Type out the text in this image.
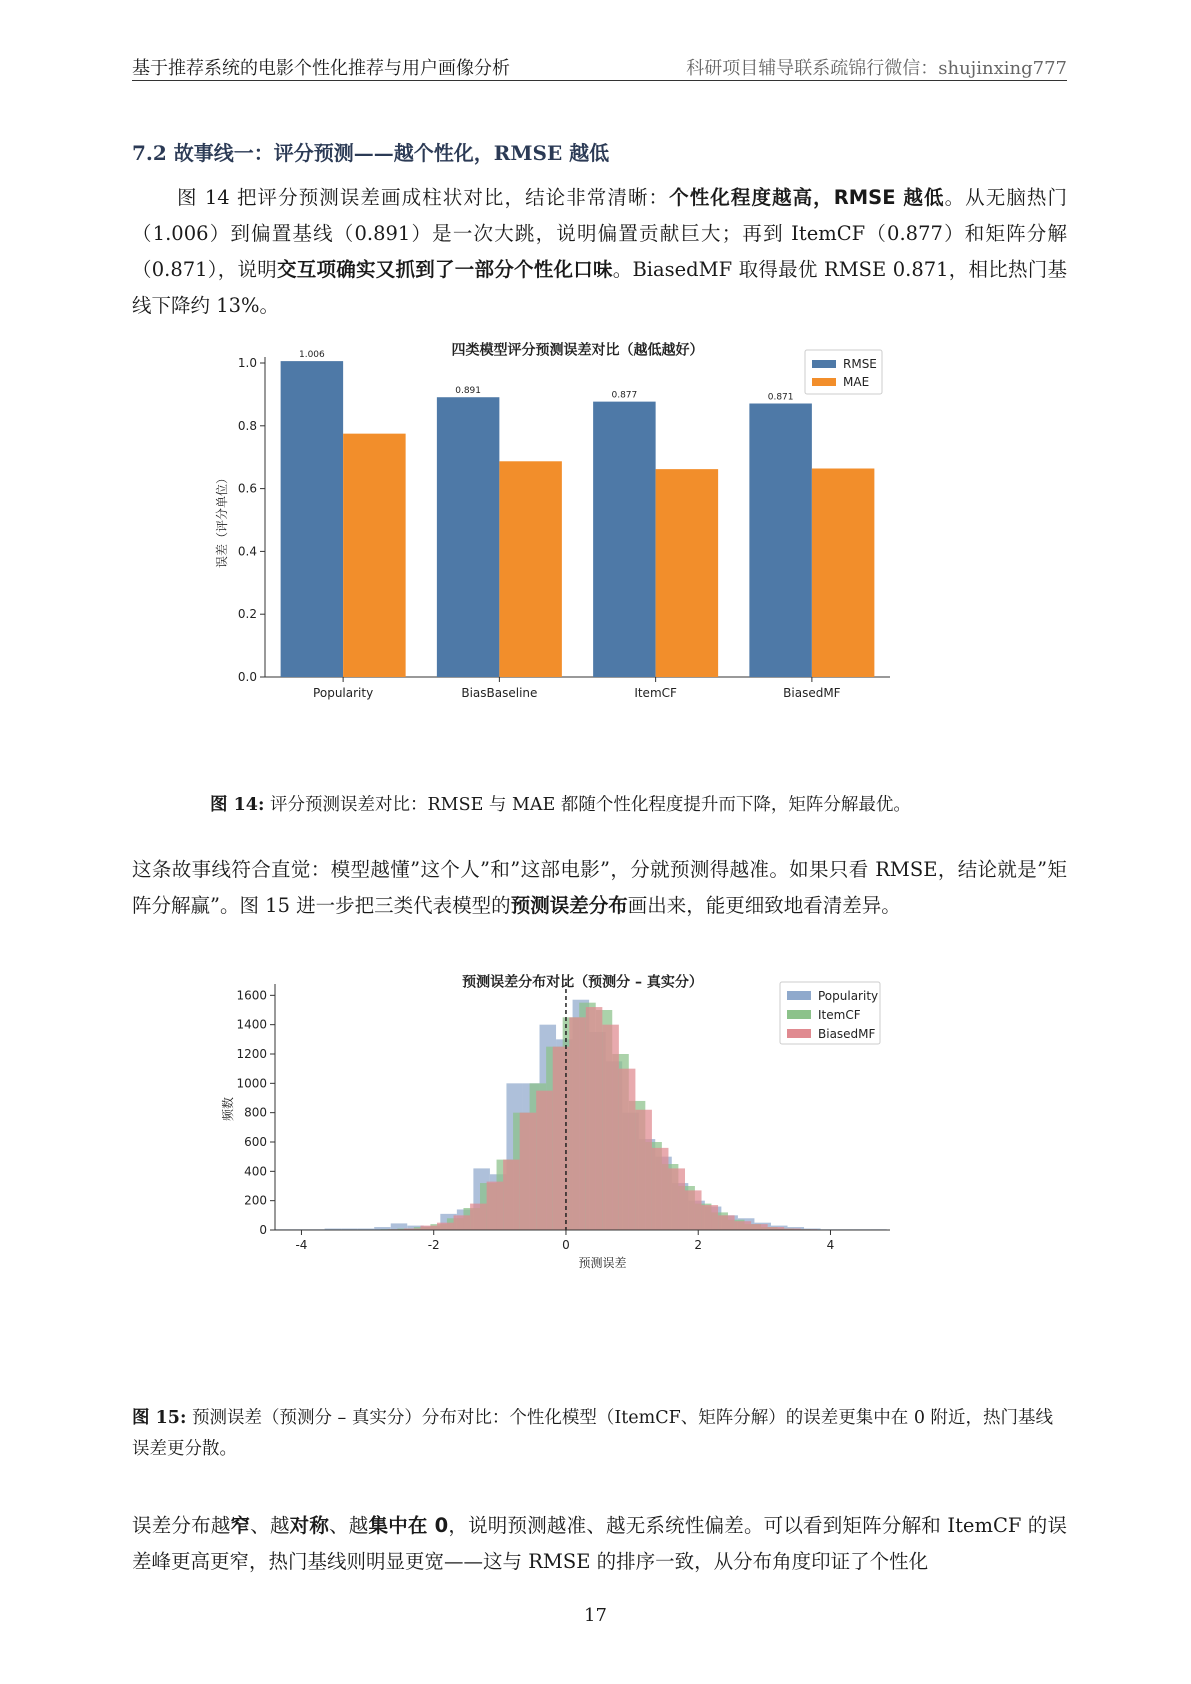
基于推荐系统的电影个性化推荐与用户画像分析	科研项目辅导联系疏锦行微信：shujinxing777
7.2 故事线一：评分预测——越个性化，RMSE 越低
图 14 把评分预测误差画成柱状对比，结论非常清晰：个性化程度越高，RMSE 越低。从无脑热门（1.006）到偏置基线（0.891）是一次大跳，说明偏置贡献巨大；再到 ItemCF（0.877）和矩阵分解（0.871），说明交互项确实又抓到了一部分个性化口味。BiasedMF 取得最优 RMSE 0.871，相比热门基线下降约 13%。
四类模型评分预测误差对比（越低越好）
0.0
0.2
0.4
0.6
0.8
1.0
误差（评分单位）
Popularity
1.006
BiasBaseline
0.891
ItemCF
0.877
BiasedMF
0.871
RMSE
MAE
图 14: 评分预测误差对比：RMSE 与 MAE 都随个性化程度提升而下降，矩阵分解最优。
这条故事线符合直觉：模型越懂”这个人”和”这部电影”，分就预测得越准。如果只看 RMSE，结论就是”矩阵分解赢”。图 15 进一步把三类代表模型的预测误差分布画出来，能更细致地看清差异。
预测误差分布对比（预测分 – 真实分）
0
200
400
600
800
1000
1200
1400
1600
-4	-2	0	2	4
预测误差
频数
Popularity
ItemCF
BiasedMF
图 15: 预测误差（预测分 – 真实分）分布对比：个性化模型（ItemCF、矩阵分解）的误差更集中在 0 附近，热门基线误差更分散。
误差分布越窄、越对称、越集中在 0，说明预测越准、越无系统性偏差。可以看到矩阵分解和 ItemCF 的误差峰更高更窄，热门基线则明显更宽——这与 RMSE 的排序一致，从分布角度印证了个性化
17
